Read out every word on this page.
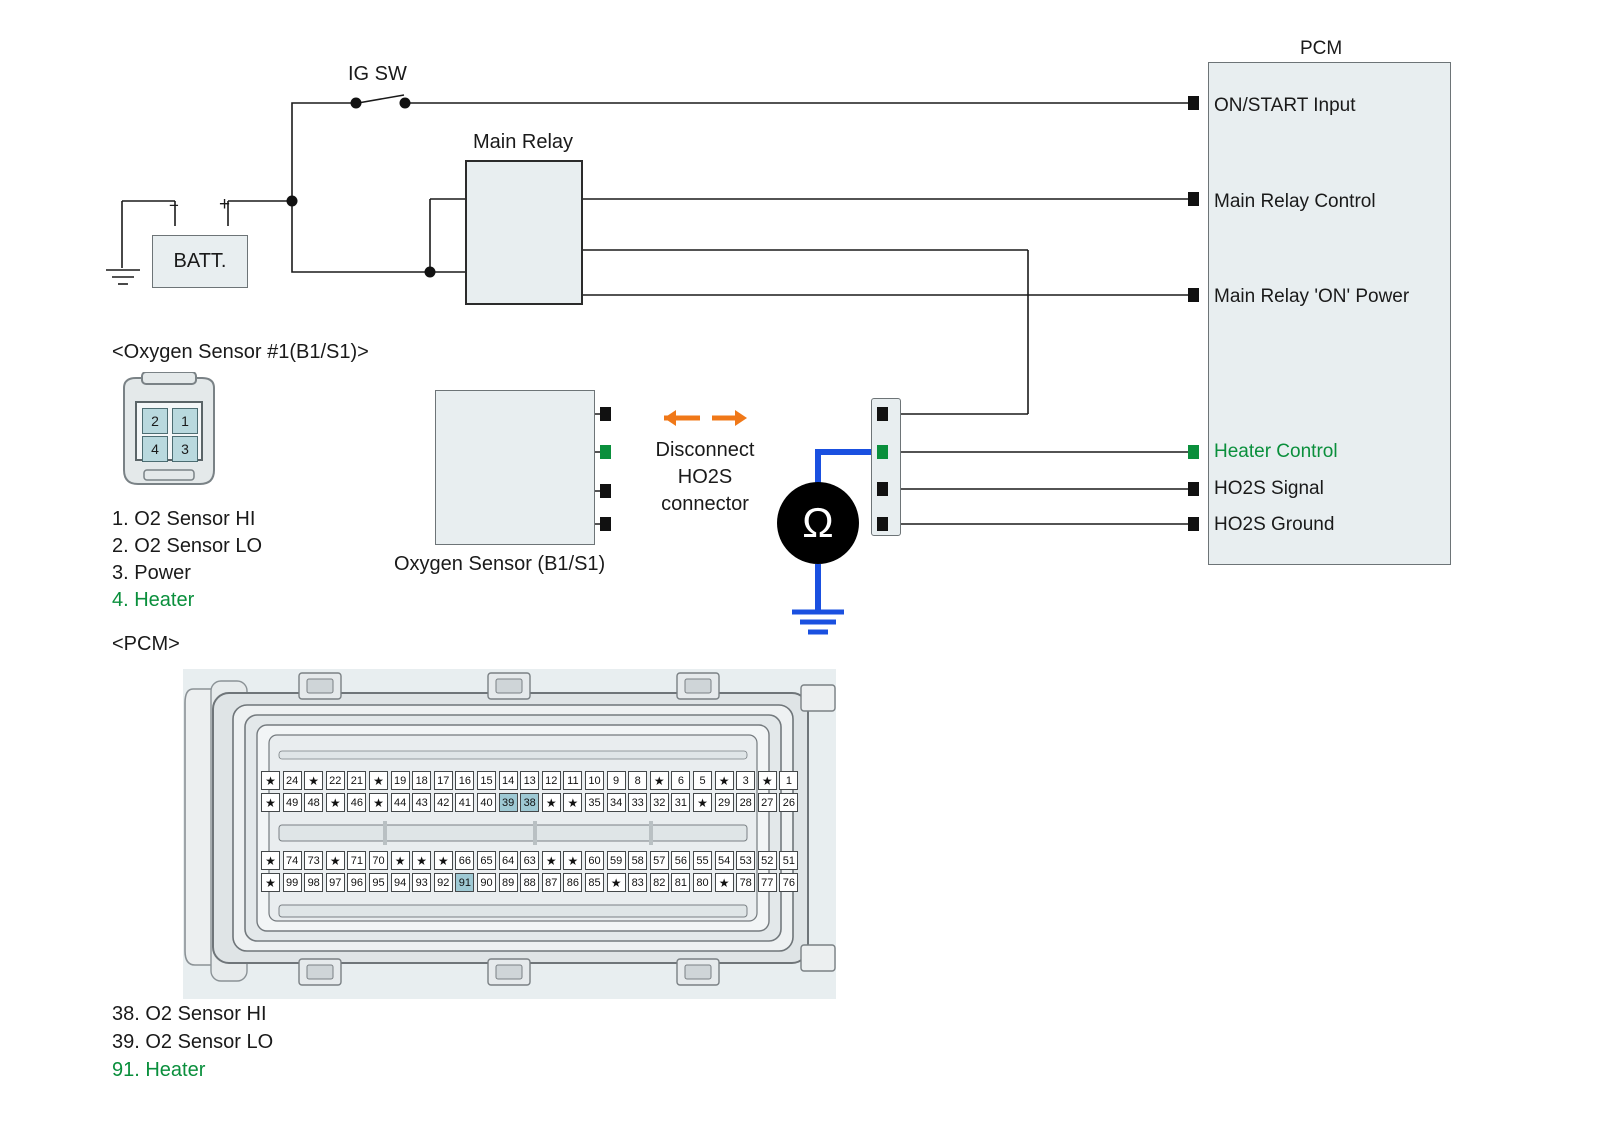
PCM
ON/START Input
Main Relay Control
Main Relay 'ON' Power
Heater Control
HO2S Signal
HO2S Ground
BATT.
− +
IG SW
Main Relay
<Oxygen Sensor #1(B1/S1)>
2	1
4	3
1. O2 Sensor HI
2. O2 Sensor LO
3. Power
4. Heater
Oxygen Sensor (B1/S1)
Disconnect HO2S connector	Ω
<PCM>
★ 24 ★ 22 21 ★ 19 18 17 16 15 14 13 12 11 10	9	8	★	6	5	★	3	★	1
★ 49 48 ★ 46 ★ 44 43 42 41 40 39 38 ★ ★ 35 34 33 32 31 ★ 29 28 27 26
★ 74 73 ★ 71 70 ★ ★ ★ 66 65 64 63 ★ ★ 60 59 58 57 56 55 54 53 52 51
★ 99 98 97 96 95 94 93 92 91 90 89 88 87 86 85 ★ 83 82 81 80 ★ 78 77 76
38. O2 Sensor HI
39. O2 Sensor LO
91. Heater
